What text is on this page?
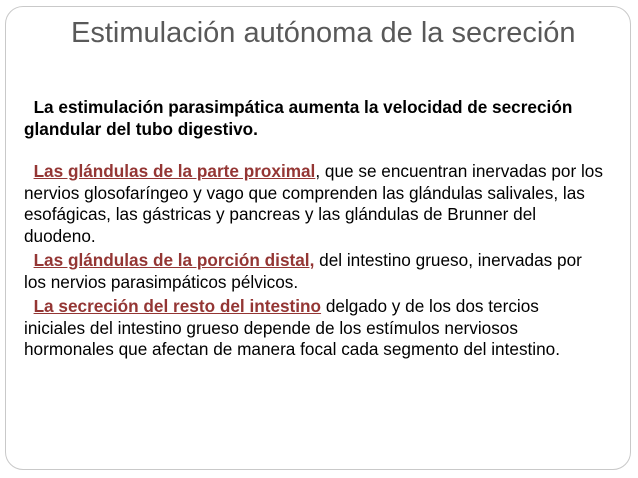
Estimulación autónoma de la secreción

La estimulación parasimpática aumenta la velocidad de secreción glandular del tubo digestivo.

Las glándulas de la parte proximal, que se encuentran inervadas por los nervios glosofaríngeo y vago que comprenden las glándulas salivales, las esofágicas, las gástricas y pancreas y las glándulas de Brunner del duodeno.

Las glándulas de la porción distal, del intestino grueso, inervadas por los nervios parasimpáticos pélvicos.

La secreción del resto del intestino delgado y de los dos tercios iniciales del intestino grueso depende de los estímulos nerviosos hormonales que afectan de manera focal cada segmento del intestino.
